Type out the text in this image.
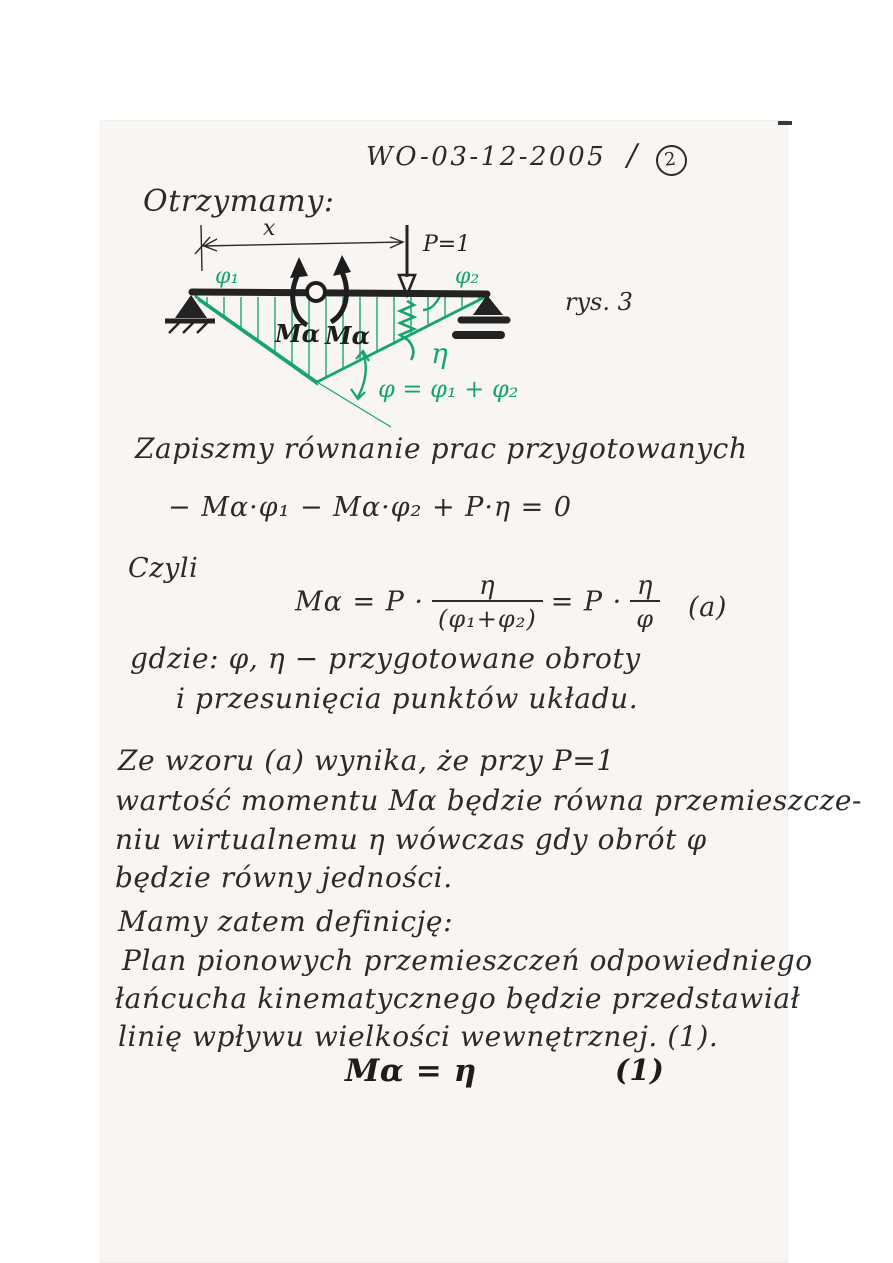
WO-03-12-2005 / 2
Otrzymamy:
x
P=1
φ₁	φ₂
η
φ = φ₁ + φ₂
Mα Mα
rys. 3
Zapiszmy równanie prac przygotowanych
− Mα·φ₁ − Mα·φ₂ + P·η = 0
Czyli
$M\alpha = P \cdot \frac{\eta}{\text{(φ₁+φ₂)}} = P \cdot \frac{\eta}{\varphi} (a)$
gdzie: φ, η − przygotowane obroty
i przesunięcia punktów układu.
Ze wzoru (a) wynika, że przy P=1
wartość momentu Mα będzie równa przemieszcze-
niu wirtualnemu η wówczas gdy obrót φ
będzie równy jedności.
Mamy zatem definicję:
Plan pionowych przemieszczeń odpowiedniego
łańcucha kinematycznego będzie przedstawiał
linię wpływu wielkości wewnętrznej. (1).
Mα = η	(1)
